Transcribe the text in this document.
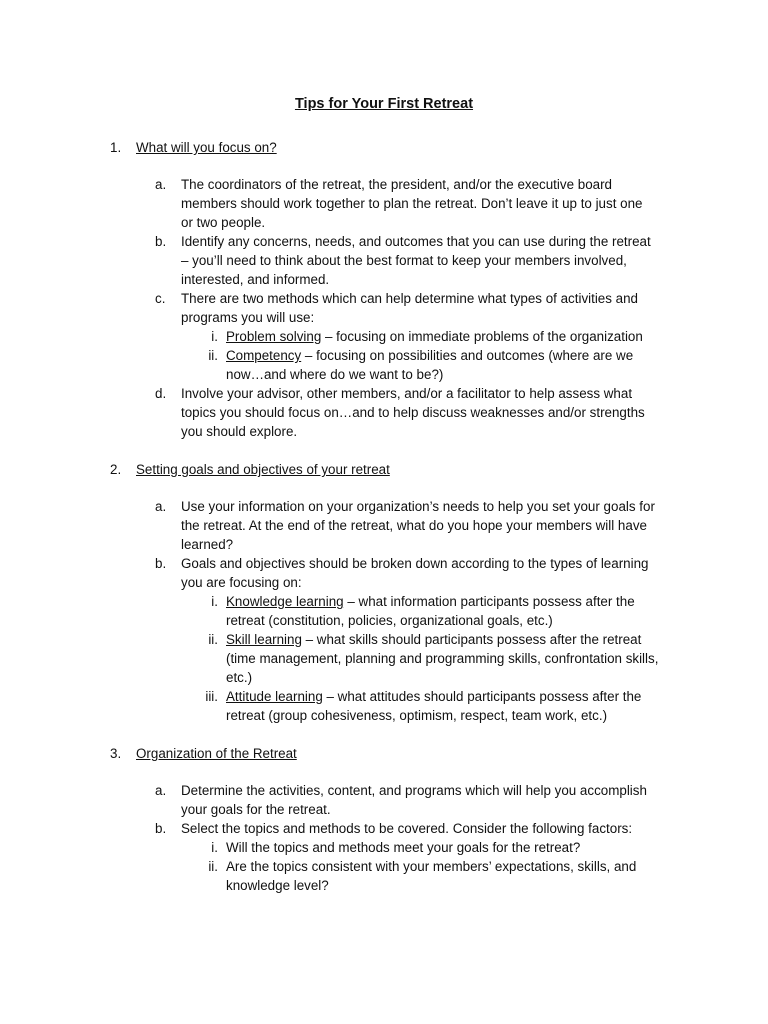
Tips for Your First Retreat
1. What will you focus on?
a.	The coordinators of the retreat, the president, and/or the executive board
members should work together to plan the retreat. Don’t leave it up to just one
or two people.
b.	Identify any concerns, needs, and outcomes that you can use during the retreat
– you’ll need to think about the best format to keep your members involved,
interested, and informed.
c.	There are two methods which can help determine what types of activities and
programs you will use:
i. Problem solving – focusing on immediate problems of the organization
ii. Competency – focusing on possibilities and outcomes (where are we
now…and where do we want to be?)
d.	Involve your advisor, other members, and/or a facilitator to help assess what
topics you should focus on…and to help discuss weaknesses and/or strengths
you should explore.
2. Setting goals and objectives of your retreat
a.	Use your information on your organization’s needs to help you set your goals for
the retreat. At the end of the retreat, what do you hope your members will have
learned?
b.	Goals and objectives should be broken down according to the types of learning
you are focusing on:
i. Knowledge learning – what information participants possess after the
retreat (constitution, policies, organizational goals, etc.)
ii. Skill learning – what skills should participants possess after the retreat
(time management, planning and programming skills, confrontation skills,
etc.)
iii. Attitude learning – what attitudes should participants possess after the
retreat (group cohesiveness, optimism, respect, team work, etc.)
3. Organization of the Retreat
a.	Determine the activities, content, and programs which will help you accomplish
your goals for the retreat.
b.	Select the topics and methods to be covered. Consider the following factors:
i. Will the topics and methods meet your goals for the retreat?
ii. Are the topics consistent with your members’ expectations, skills, and
knowledge level?
